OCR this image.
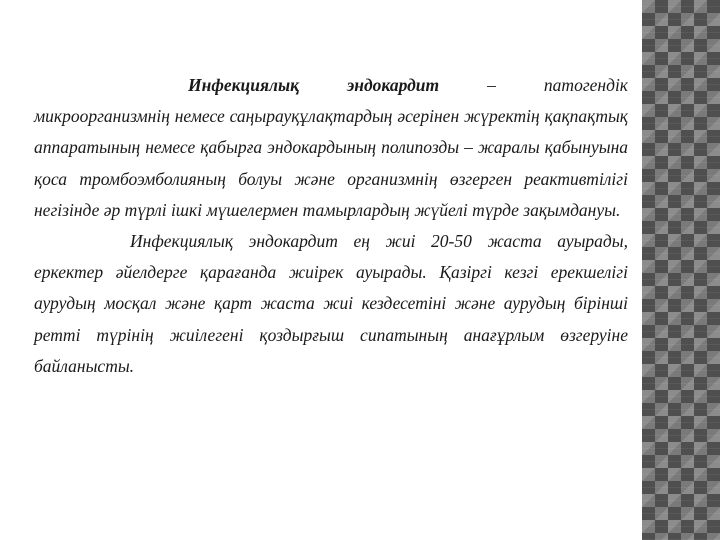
Инфекциялық эндокардит – патогендік микроорганизмнің немесе саңырауқұлақтардың әсерінен жүректің қақпақтық аппаратының немесе қабырға эндокардының полипозды – жаралы қабынуына қоса тромбоэмболияның болуы және организмнің өзгерген реактивтілігі негізінде әр түрлі ішкі мүшелермен тамырлардың жүйелі түрде зақымдануы.

Инфекциялық эндокардит ең жиі 20-50 жаста ауырады, еркектер әйелдерге қарағанда жиірек ауырады. Қазіргі кезгі ерекшелігі аурудың мосқал және қарт жаста жиі кездесетіні және аурудың бірінші ретті түрінің жиілегені қоздырғыш сипатының анағұрлым өзгеруіне байланысты.
